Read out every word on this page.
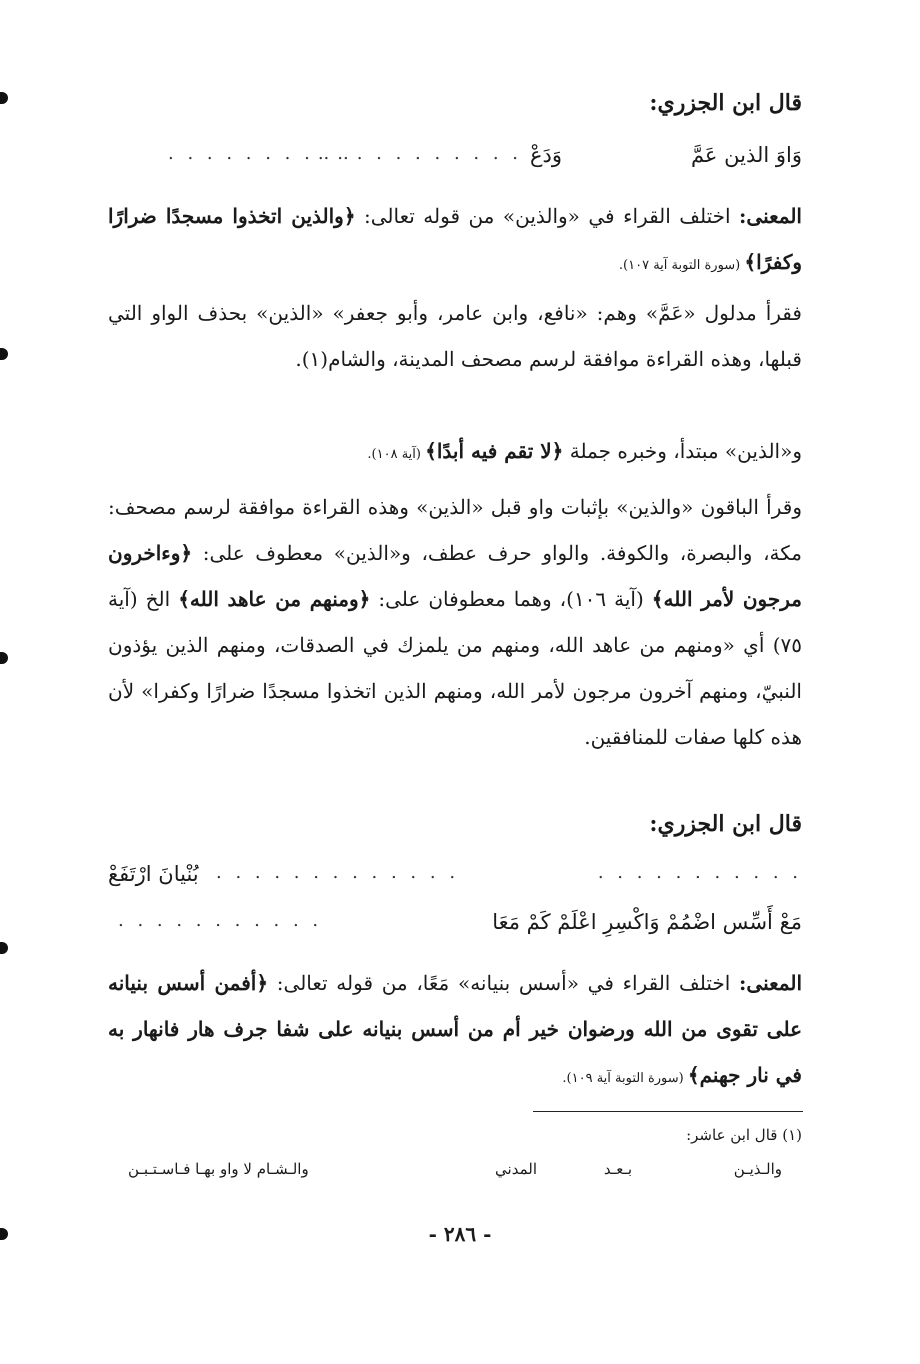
قال ابن الجزري:
وَاوَ الذين عَمَّ
وَدَعْ
. . . . . . . . . . .
. . . . . . . . . .
المعنى: اختلف القراء في «والذين» من قوله تعالى: ﴿والذين اتخذوا مسجدًا ضرارًا وكفرًا﴾ (سورة التوبة آية ١٠٧).
فقرأ مدلول «عَمَّ» وهم: «نافع، وابن عامر، وأبو جعفر» «الذين» بحذف الواو التي قبلها، وهذه القراءة موافقة لرسم مصحف المدينة، والشام(١).
و«الذين» مبتدأ، وخبره جملة ﴿لا تقم فيه أبدًا﴾ (آية ١٠٨).
وقرأ الباقون «والذين» بإثبات واو قبل «الذين» وهذه القراءة موافقة لرسم مصحف: مكة، والبصرة، والكوفة. والواو حرف عطف، و«الذين» معطوف على: ﴿وءاخرون مرجون لأمر الله﴾ (آية ١٠٦)، وهما معطوفان على: ﴿ومنهم من عاهد الله﴾ الخ (آية ٧٥) أي «ومنهم من عاهد الله، ومنهم من يلمزك في الصدقات، ومنهم الذين يؤذون النبيّ، ومنهم آخرون مرجون لأمر الله، ومنهم الذين اتخذوا مسجدًا ضرارًا وكفرا» لأن هذه كلها صفات للمنافقين.
قال ابن الجزري:
بُنْيانَ ارْتَفَعْ . . . . . . . . . . . . .	. . . . . . . . . . .
مَعْ أَسِّس اضْمُمْ وَاكْسِرِ اعْلَمْ كَمْ مَعَا
. . . . . . . . . . .
المعنى: اختلف القراء في «أسس بنيانه» مَعًا، من قوله تعالى: ﴿أفمن أسس بنيانه على تقوى من الله ورضوان خير أم من أسس بنيانه على شفا جرف هار فانهار به في نار جهنم﴾ (سورة التوبة آية ١٠٩).
(١) قال ابن عاشر:
والـذيـن
بـعـد
المدني
والـشـام لا واو بهـا فـاسـتـبـن
- ٢٨٦ -
